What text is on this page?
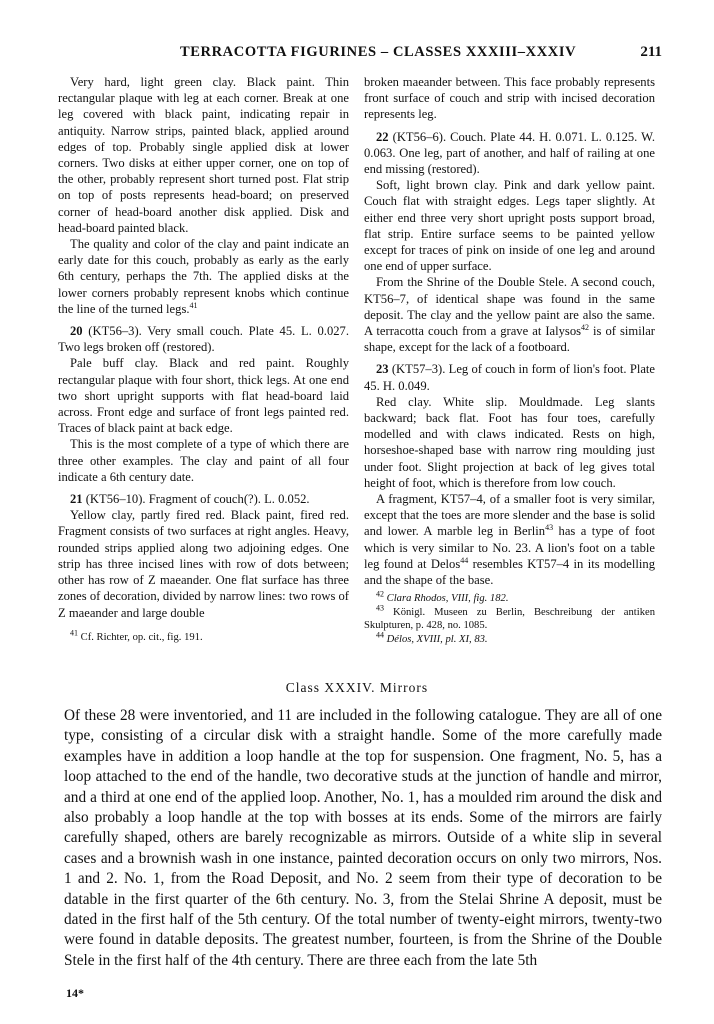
TERRACOTTA FIGURINES – CLASSES XXXIII–XXXIV	211

Very hard, light green clay. Black paint. Thin rectangular plaque with leg at each corner. Break at one leg covered with black paint, indicating repair in antiquity. Narrow strips, painted black, applied around edges of top. Probably single applied disk at lower corners. Two disks at either upper corner, one on top of the other, probably represent short turned post. Flat strip on top of posts represents head-board; on preserved corner of head-board another disk applied. Disk and head-board painted black.

The quality and color of the clay and paint indicate an early date for this couch, probably as early as the early 6th century, perhaps the 7th. The applied disks at the lower corners probably represent knobs which continue the line of the turned legs.$^{41}$

20 (KT56–3). Very small couch. Plate 45. L. 0.027. Two legs broken off (restored).

Pale buff clay. Black and red paint. Roughly rectangular plaque with four short, thick legs. At one end two short upright supports with flat head-board laid across. Front edge and surface of front legs painted red. Traces of black paint at back edge.

This is the most complete of a type of which there are three other examples. The clay and paint of all four indicate a 6th century date.

21 (KT56–10). Fragment of couch(?). L. 0.052.

Yellow clay, partly fired red. Black paint, fired red. Fragment consists of two surfaces at right angles. Heavy, rounded strips applied along two adjoining edges. One strip has three incised lines with row of dots between; other has row of Z maeander. One flat surface has three zones of decoration, divided by narrow lines: two rows of Z maeander and large double

$^{41}$ Cf. Richter, op. cit., fig. 191.

broken maeander between. This face probably represents front surface of couch and strip with incised decoration represents leg.

22 (KT56–6). Couch. Plate 44. H. 0.071. L. 0.125. W. 0.063. One leg, part of another, and half of railing at one end missing (restored).

Soft, light brown clay. Pink and dark yellow paint. Couch flat with straight edges. Legs taper slightly. At either end three very short upright posts support broad, flat strip. Entire surface seems to be painted yellow except for traces of pink on inside of one leg and around one end of upper surface.

From the Shrine of the Double Stele. A second couch, KT56–7, of identical shape was found in the same deposit. The clay and the yellow paint are also the same. A terracotta couch from a grave at Ialysos$^{42}$ is of similar shape, except for the lack of a footboard.

23 (KT57–3). Leg of couch in form of lion's foot. Plate 45. H. 0.049.

Red clay. White slip. Mouldmade. Leg slants backward; back flat. Foot has four toes, carefully modelled and with claws indicated. Rests on high, horseshoe-shaped base with narrow ring moulding just under foot. Slight projection at back of leg gives total height of foot, which is therefore from low couch.

A fragment, KT57–4, of a smaller foot is very similar, except that the toes are more slender and the base is solid and lower. A marble leg in Berlin$^{43}$ has a type of foot which is very similar to No. 23. A lion's foot on a table leg found at Delos$^{44}$ resembles KT57–4 in its modelling and the shape of the base.

$^{42}$ Clara Rhodos, VIII, fig. 182.

$^{43}$ Königl. Museen zu Berlin, Beschreibung der antiken Skulpturen, p. 428, no. 1085.

$^{44}$ Délos, XVIII, pl. XI, 83.

Class XXXIV. Mirrors

Of these 28 were inventoried, and 11 are included in the following catalogue. They are all of one type, consisting of a circular disk with a straight handle. Some of the more carefully made examples have in addition a loop handle at the top for suspension. One fragment, No. 5, has a loop attached to the end of the handle, two decorative studs at the junction of handle and mirror, and a third at one end of the applied loop. Another, No. 1, has a moulded rim around the disk and also probably a loop handle at the top with bosses at its ends. Some of the mirrors are fairly carefully shaped, others are barely recognizable as mirrors. Outside of a white slip in several cases and a brownish wash in one instance, painted decoration occurs on only two mirrors, Nos. 1 and 2. No. 1, from the Road Deposit, and No. 2 seem from their type of decoration to be datable in the first quarter of the 6th century. No. 3, from the Stelai Shrine A deposit, must be dated in the first half of the 5th century. Of the total number of twenty-eight mirrors, twenty-two were found in datable deposits. The greatest number, fourteen, is from the Shrine of the Double Stele in the first half of the 4th century. There are three each from the late 5th

14*
